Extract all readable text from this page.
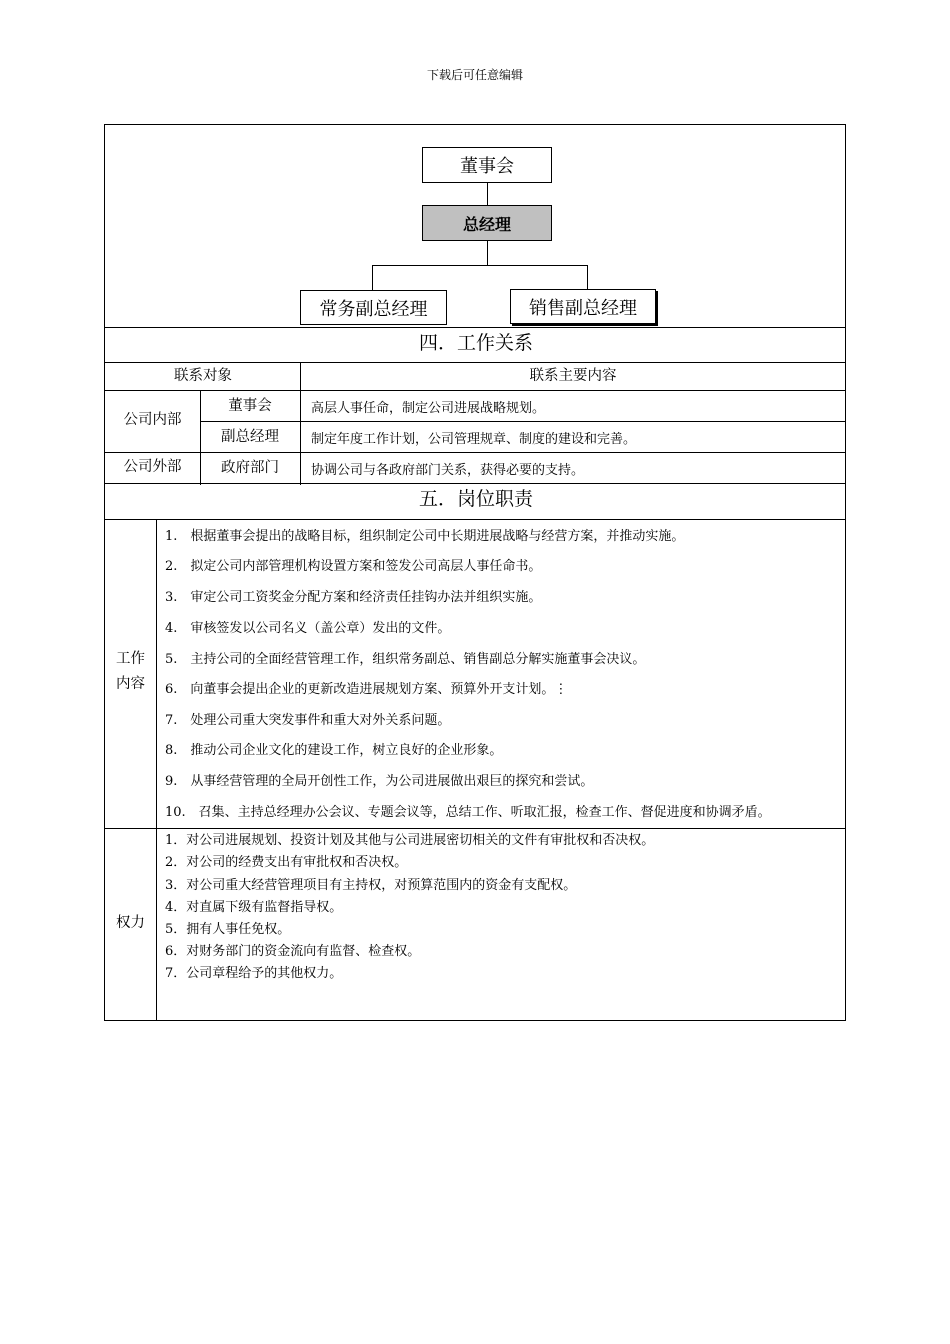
下载后可任意编辑
董事会
总经理
常务副总经理	销售副总经理
四．工作关系
联系对象	联系主要内容
公司内部
董事会	高层人事任命，制定公司进展战略规划。
副总经理	制定年度工作计划，公司管理规章、制度的建设和完善。
公司外部	政府部门	协调公司与各政府部门关系，获得必要的支持。
五．岗位职责
工作
内容
1.　根据董事会提出的战略目标，组织制定公司中长期进展战略与经营方案，并推动实施。
2.　拟定公司内部管理机构设置方案和签发公司高层人事任命书。
3.　审定公司工资奖金分配方案和经济责任挂钩办法并组织实施。
4.　审核签发以公司名义（盖公章）发出的文件。
5.　主持公司的全面经营管理工作，组织常务副总、销售副总分解实施董事会决议。
6.　向董事会提出企业的更新改造进展规划方案、预算外开支计划。⋮
7.　处理公司重大突发事件和重大对外关系问题。
8.　推动公司企业文化的建设工作，树立良好的企业形象。
9.　从事经营管理的全局开创性工作，为公司进展做出艰巨的探究和尝试。
10.　召集、主持总经理办公会议、专题会议等，总结工作、听取汇报，检查工作、督促进度和协调矛盾。
权力
1．对公司进展规划、投资计划及其他与公司进展密切相关的文件有审批权和否决权。
2．对公司的经费支出有审批权和否决权。
3．对公司重大经营管理项目有主持权，对预算范围内的资金有支配权。
4．对直属下级有监督指导权。
5．拥有人事任免权。
6．对财务部门的资金流向有监督、检查权。
7．公司章程给予的其他权力。
